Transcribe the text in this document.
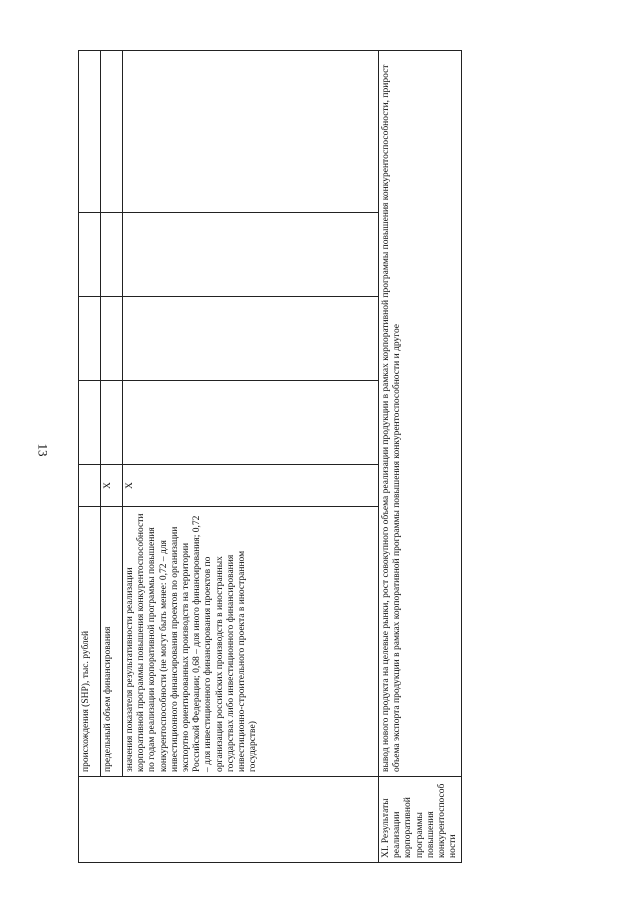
13
	происхождения (SНР), тыс. рублей					
	предельный объем финансирования	Х				
	значения показателя результативности реализации корпоративной программы повышения конкурентоспособности по годам реализации корпоративной программы повышения конкурентоспособности (не могут быть менее: 0,72 – для инвестиционного финансирования проектов по организации экспортно ориентированных производств на территории Российской Федерации; 0,68 – для иного финансирования; 0,72 – для инвестиционного финансирования проектов по организации российских производств в иностранных государствах либо инвестиционного финансирования инвестиционно-строительного проекта в иностранном государстве)	Х				
XI. Результаты реализации корпоративной программы повышения конкурентоспособности	вывод нового продукта на целевые рынки, рост совокупного объема реализации продукции в рамках корпоративной программы повышения конкурентоспособности, прирост объема экспорта продукции в рамках корпоративной программы повышения конкурентоспособности и другое					
